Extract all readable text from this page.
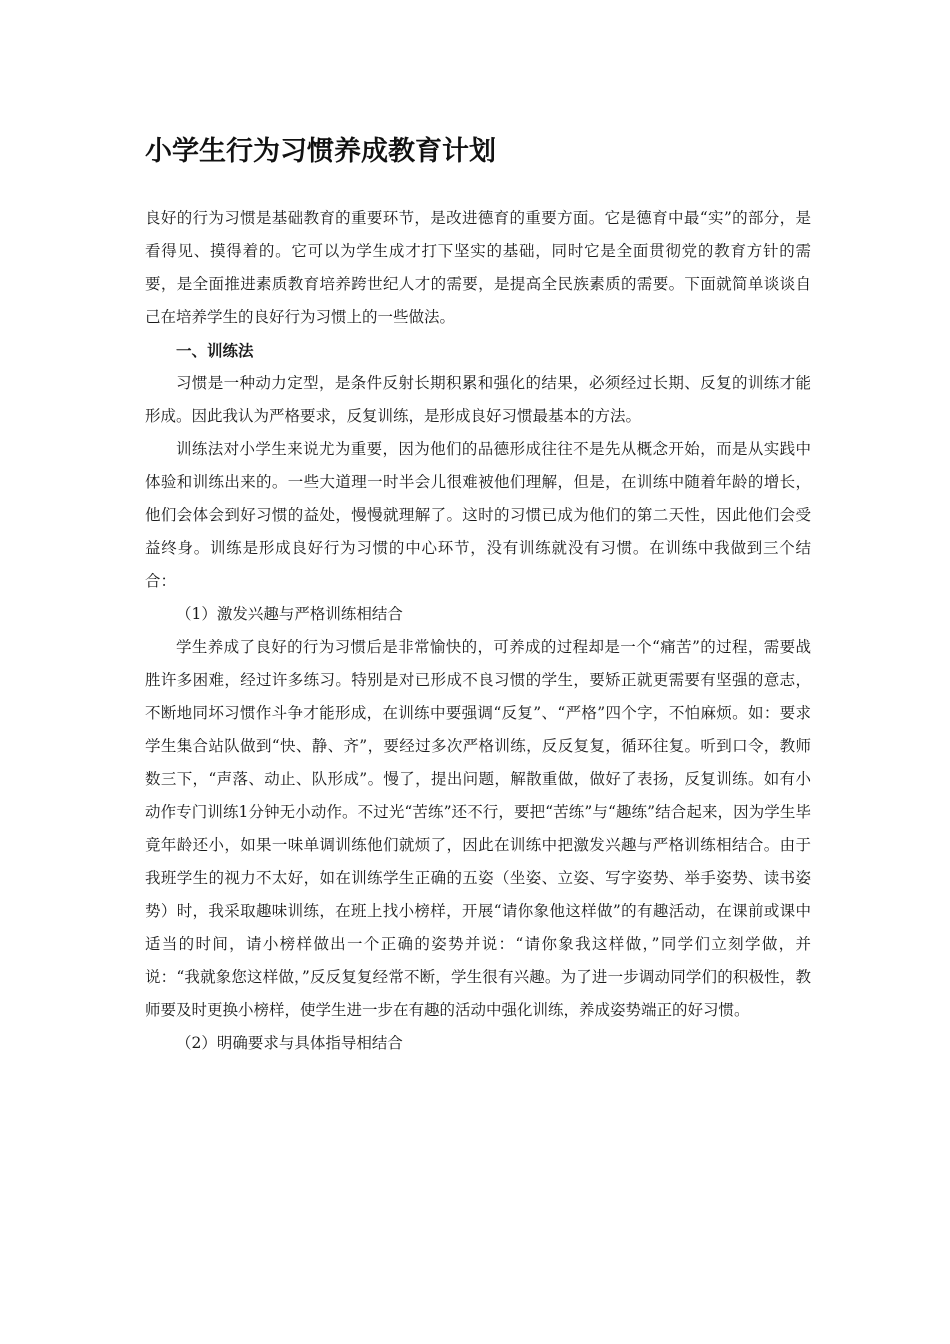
小学生行为习惯养成教育计划

良好的行为习惯是基础教育的重要环节，是改进德育的重要方面。它是德育中最“实”的部分，是看得见、摸得着的。它可以为学生成才打下坚实的基础，同时它是全面贯彻党的教育方针的需要，是全面推进素质教育培养跨世纪人才的需要，是提高全民族素质的需要。下面就简单谈谈自己在培养学生的良好行为习惯上的一些做法。

一、训练法

习惯是一种动力定型，是条件反射长期积累和强化的结果，必须经过长期、反复的训练才能形成。因此我认为严格要求，反复训练，是形成良好习惯最基本的方法。

训练法对小学生来说尤为重要，因为他们的品德形成往往不是先从概念开始，而是从实践中体验和训练出来的。一些大道理一时半会儿很难被他们理解，但是，在训练中随着年龄的增长，他们会体会到好习惯的益处，慢慢就理解了。这时的习惯已成为他们的第二天性，因此他们会受益终身。训练是形成良好行为习惯的中心环节，没有训练就没有习惯。在训练中我做到三个结合：

（1）激发兴趣与严格训练相结合

学生养成了良好的行为习惯后是非常愉快的，可养成的过程却是一个“痛苦”的过程，需要战胜许多困难，经过许多练习。特别是对已形成不良习惯的学生，要矫正就更需要有坚强的意志，不断地同坏习惯作斗争才能形成，在训练中要强调“反复”、“严格”四个字，不怕麻烦。如：要求学生集合站队做到“快、静、齐”，要经过多次严格训练，反反复复，循环往复。听到口令，教师数三下，“声落、动止、队形成”。慢了，提出问题，解散重做，做好了表扬，反复训练。如有小动作专门训练1分钟无小动作。不过光“苦练”还不行，要把“苦练”与“趣练”结合起来，因为学生毕竟年龄还小，如果一味单调训练他们就烦了，因此在训练中把激发兴趣与严格训练相结合。由于我班学生的视力不太好，如在训练学生正确的五姿（坐姿、立姿、写字姿势、举手姿势、读书姿势）时，我采取趣味训练，在班上找小榜样，开展“请你象他这样做”的有趣活动，在课前或课中适当的时间，请小榜样做出一个正确的姿势并说：“请你象我这样做，”同学们立刻学做，并说：“我就象您这样做，”反反复复经常不断，学生很有兴趣。为了进一步调动同学们的积极性，教师要及时更换小榜样，使学生进一步在有趣的活动中强化训练，养成姿势端正的好习惯。

（2）明确要求与具体指导相结合
